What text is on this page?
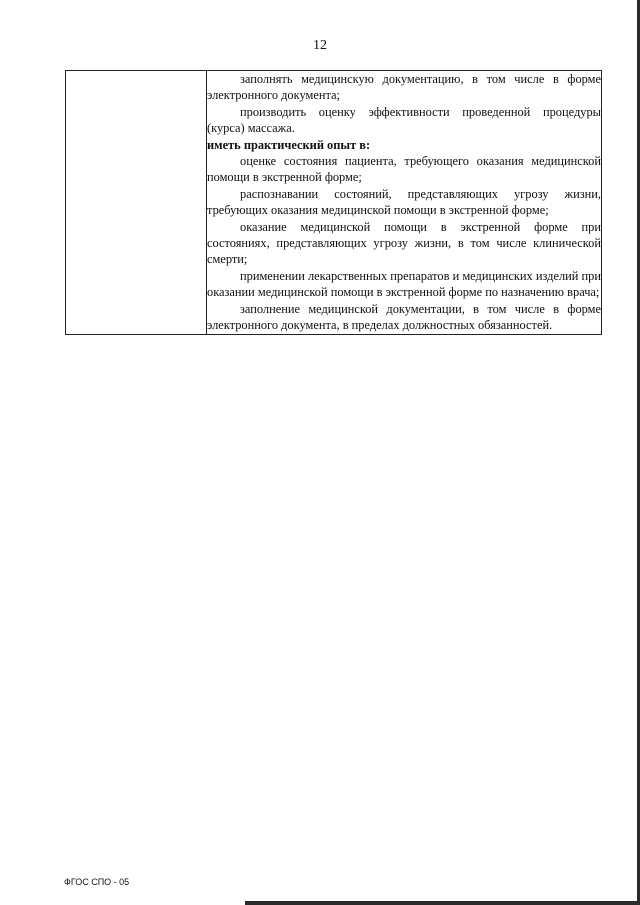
12

заполнять медицинскую документацию, в том числе в форме электронного документа;

производить оценку эффективности проведенной процедуры (курса) массажа.

иметь практический опыт в:

оценке состояния пациента, требующего оказания медицинской помощи в экстренной форме;

распознавании состояний, представляющих угрозу жизни, требующих оказания медицинской помощи в экстренной форме;

оказание медицинской помощи в экстренной форме при состояниях, представляющих угрозу жизни, в том числе клинической смерти;

применении лекарственных препаратов и медицинских изделий при оказании медицинской помощи в экстренной форме по назначению врача;

заполнение медицинской документации, в том числе в форме электронного документа, в пределах должностных обязанностей.

ФГОС СПО - 05
